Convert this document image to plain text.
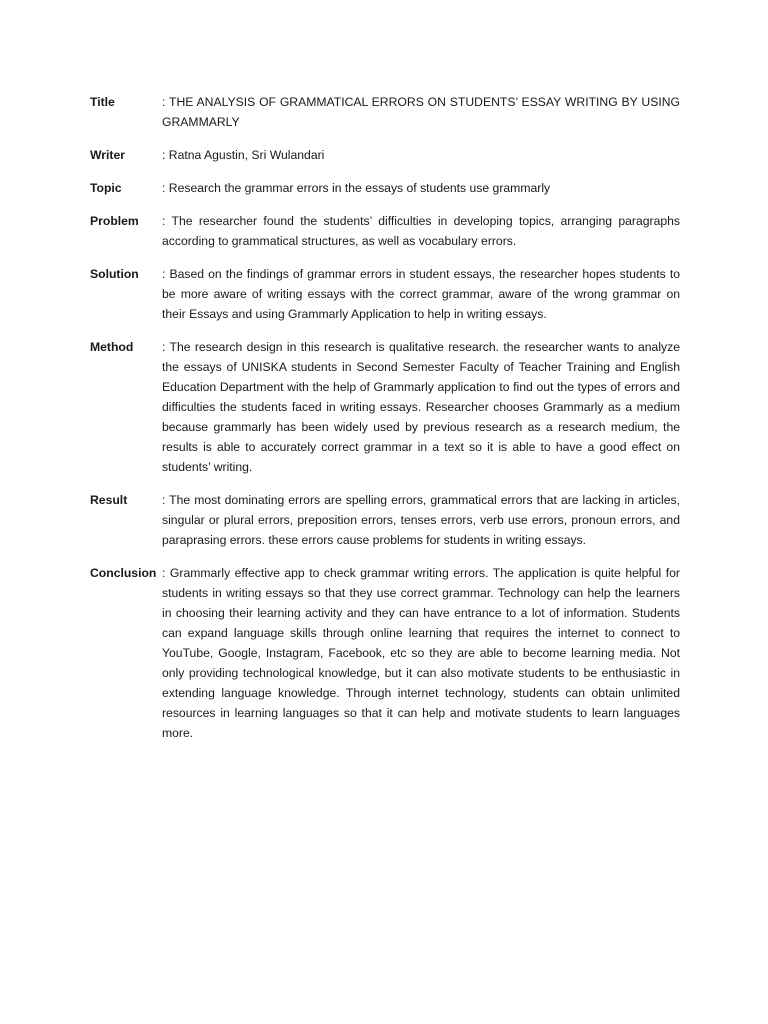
Title	: THE ANALYSIS OF GRAMMATICAL ERRORS ON STUDENTS’ ESSAY WRITING BY USING GRAMMARLY
Writer	: Ratna Agustin, Sri Wulandari
Topic	: Research the grammar errors in the essays of students use grammarly
Problem	: The researcher found the students’ difficulties in developing topics, arranging paragraphs according to grammatical structures, as well as vocabulary errors.
Solution	: Based on the findings of grammar errors in student essays, the researcher hopes students to be more aware of writing essays with the correct grammar, aware of the wrong grammar on their Essays and using Grammarly Application to help in writing essays.
Method	: The research design in this research is qualitative research. the researcher wants to analyze the essays of UNISKA students in Second Semester Faculty of Teacher Training and English Education Department with the help of Grammarly application to find out the types of errors and difficulties the students faced in writing essays. Researcher chooses Grammarly as a medium because grammarly has been widely used by previous research as a research medium, the results is able to accurately correct grammar in a text so it is able to have a good effect on students’ writing.
Result	: The most dominating errors are spelling errors, grammatical errors that are lacking in articles, singular or plural errors, preposition errors, tenses errors, verb use errors, pronoun errors, and paraprasing errors. these errors cause problems for students in writing essays.
Conclusion : Grammarly effective app to check grammar writing errors. The application is quite helpful for students in writing essays so that they use correct grammar. Technology can help the learners in choosing their learning activity and they can have entrance to a lot of information. Students can expand language skills through online learning that requires the internet to connect to YouTube, Google, Instagram, Facebook, etc so they are able to become learning media. Not only providing technological knowledge, but it can also motivate students to be enthusiastic in extending language knowledge. Through internet technology, students can obtain unlimited resources in learning languages so that it can help and motivate students to learn languages more.
